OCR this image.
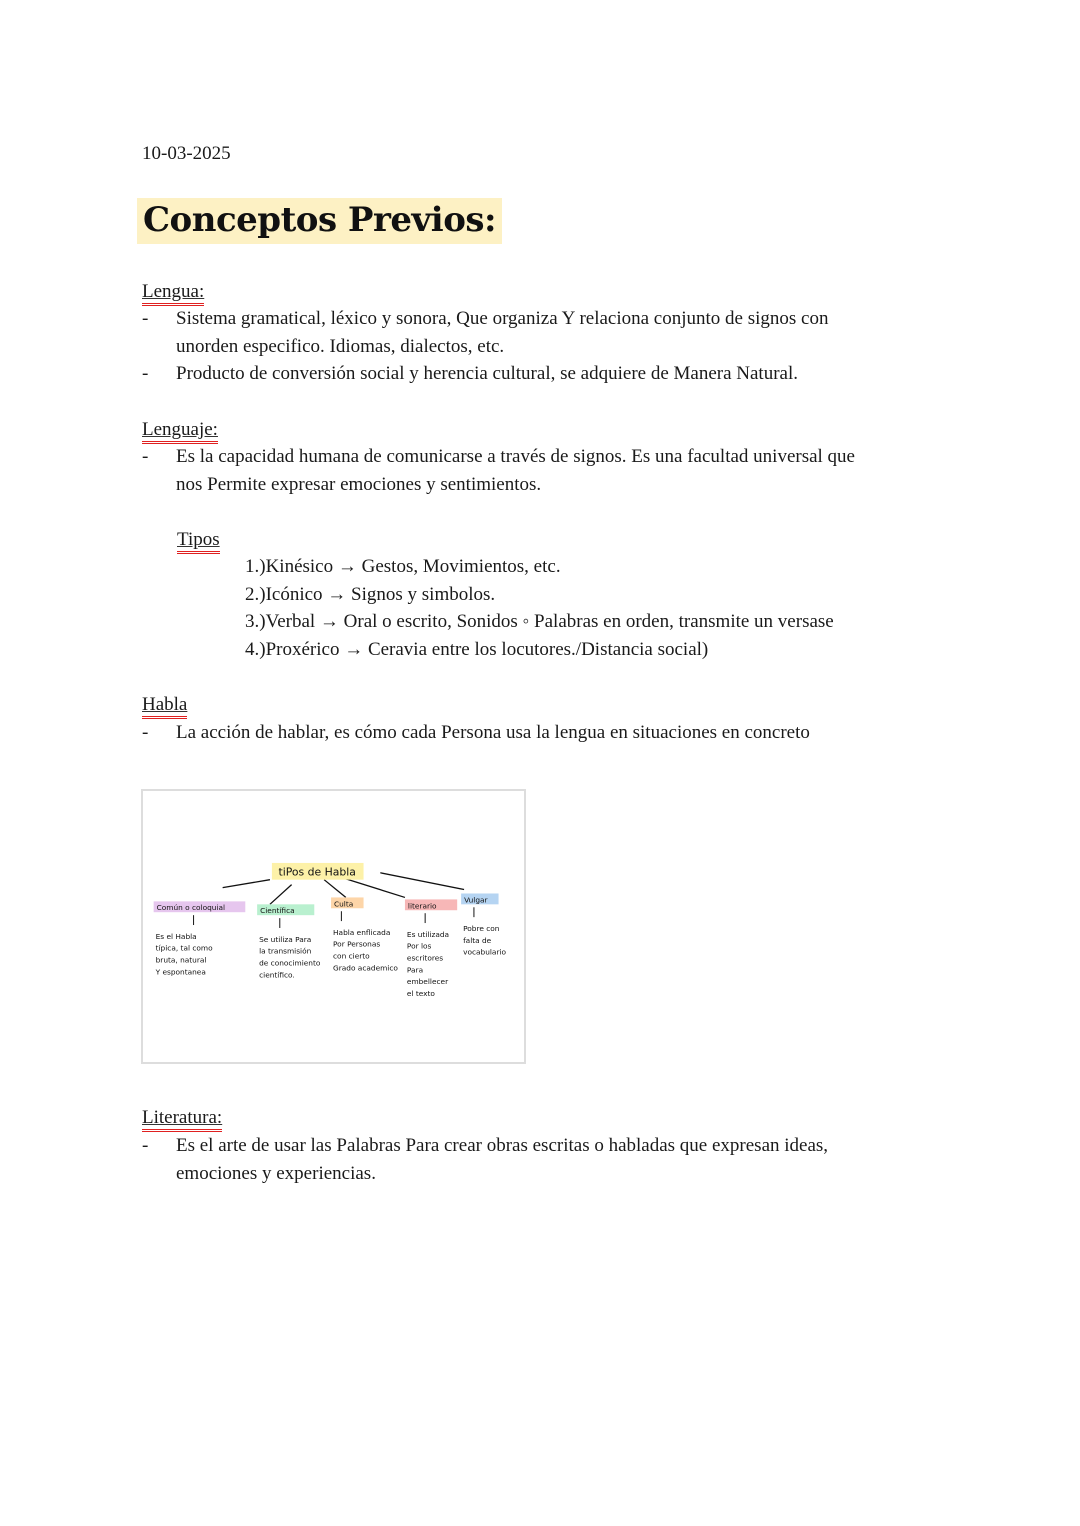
10-03-2025
Conceptos Previos:
Lengua:
- Sistema gramatical, léxico y sonora, Que organiza Y relaciona conjunto de signos con
unorden especifico. Idiomas, dialectos, etc.
- Producto de conversión social y herencia cultural, se adquiere de Manera Natural.
Lenguaje:
- Es la capacidad humana de comunicarse a través de signos. Es una facultad universal que
nos Permite expresar emociones y sentimientos.
Tipos
1.)Kinésico → Gestos, Movimientos, etc.
2.)Icónico → Signos y simbolos.
3.)Verbal → Oral o escrito, Sonidos ◦ Palabras en orden, transmite un versase
4.)Proxérico → Ceravia entre los locutores./Distancia social)
Habla
- La acción de hablar, es cómo cada Persona usa la lengua en situaciones en concreto
tiPos de Habla
Común o coloquial
Es el Habla
típica, tal como
bruta, natural
Y espontanea
Científica
Se utiliza Para
la transmisión
de conocimiento
científico.
Culta
Habla enflicada
Por Personas
con cierto
Grado academico
literario
Es utilizada
Por los
escritores
Para
embellecer
el texto
Vulgar
Pobre con
falta de
vocabulario
Literatura:
- Es el arte de usar las Palabras Para crear obras escritas o habladas que expresan ideas,
emociones y experiencias.
